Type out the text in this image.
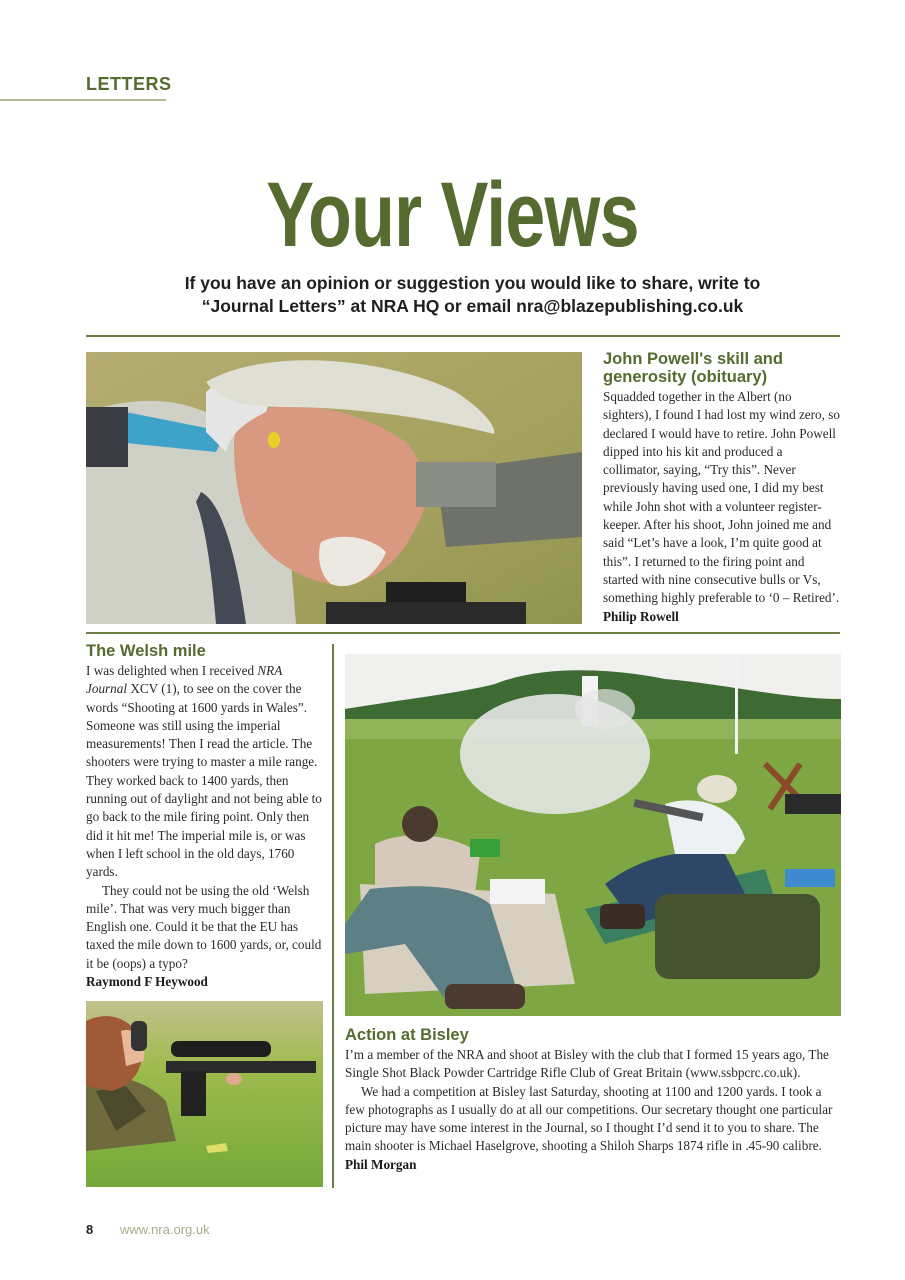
LETTERS
Your Views
If you have an opinion or suggestion you would like to share, write to
“Journal Letters” at NRA HQ or email nra@blazepublishing.co.uk
John Powell's skill and generosity (obituary)

Squadded together in the Albert (no sighters), I found I had lost my wind zero, so declared I would have to retire. John Powell dipped into his kit and produced a collimator, saying, “Try this”. Never previously having used one, I did my best while John shot with a volunteer register-keeper. After his shoot, John joined me and said “Let’s have a look, I’m quite good at this”. I returned to the firing point and started with nine consecutive bulls or Vs, something highly preferable to ‘0 – Retired’.

Philip Rowell

The Welsh mile

I was delighted when I received NRA Journal XCV (1), to see on the cover the words “Shooting at 1600 yards in Wales”. Someone was still using the imperial measurements! Then I read the article. The shooters were trying to master a mile range. They worked back to 1400 yards, then running out of daylight and not being able to go back to the mile firing point. Only then did it hit me! The imperial mile is, or was when I left school in the old days, 1760 yards.

They could not be using the old ‘Welsh mile’. That was very much bigger than English one. Could it be that the EU has taxed the mile down to 1600 yards, or, could it be (oops) a typo?

Raymond F Heywood

Action at Bisley

I’m a member of the NRA and shoot at Bisley with the club that I formed 15 years ago, The Single Shot Black Powder Cartridge Rifle Club of Great Britain (www.ssbpcrc.co.uk).

We had a competition at Bisley last Saturday, shooting at 1100 and 1200 yards. I took a few photographs as I usually do at all our competitions. Our secretary thought one particular picture may have some interest in the Journal, so I thought I’d send it to you to share. The main shooter is Michael Haselgrove, shooting a Shiloh Sharps 1874 rifle in .45-90 calibre.

Phil Morgan

8 www.nra.org.uk
